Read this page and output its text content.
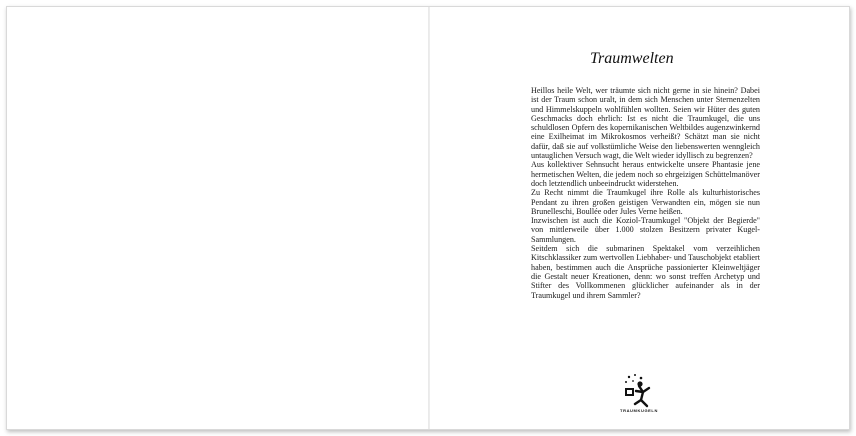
Traumwelten

Heillos heile Welt, wer träumte sich nicht gerne in sie hinein? Dabei ist der Traum schon uralt, in dem sich Menschen unter Sternenzelten und Himmelskuppeln wohlfühlen wollten. Seien wir Hüter des guten Geschmacks doch ehrlich: Ist es nicht die Traumkugel, die uns schuldlosen Opfern des kopernikanischen Weltbildes augenzwinkernd eine Exilheimat im Mikrokosmos verheißt? Schätzt man sie nicht dafür, daß sie auf volkstümliche Weise den liebenswerten wenngleich untauglichen Versuch wagt, die Welt wieder idyllisch zu begrenzen?

Aus kollektiver Sehnsucht heraus entwickelte unsere Phantasie jene hermetischen Welten, die jedem noch so ehrgeizigen Schüttelmanöver doch letztendlich unbeeindruckt widerstehen.

Zu Recht nimmt die Traumkugel ihre Rolle als kulturhistorisches Pendant zu ihren großen geistigen Verwandten ein, mögen sie nun Brunelleschi, Boullée oder Jules Verne heißen.

Inzwischen ist auch die Koziol-Traumkugel "Objekt der Begierde" von mittlerweile über 1.000 stolzen Besitzern privater Kugel-Sammlungen.

Seitdem sich die submarinen Spektakel vom verzeihlichen Kitschklassiker zum wertvollen Liebhaber- und Tauschobjekt etabliert haben, bestimmen auch die Ansprüche passionierter Kleinweltjäger die Gestalt neuer Kreationen, denn: wo sonst treffen Archetyp und Stifter des Vollkommenen glücklicher aufeinander als in der Traumkugel und ihrem Sammler?

TRAUMKUGELN
